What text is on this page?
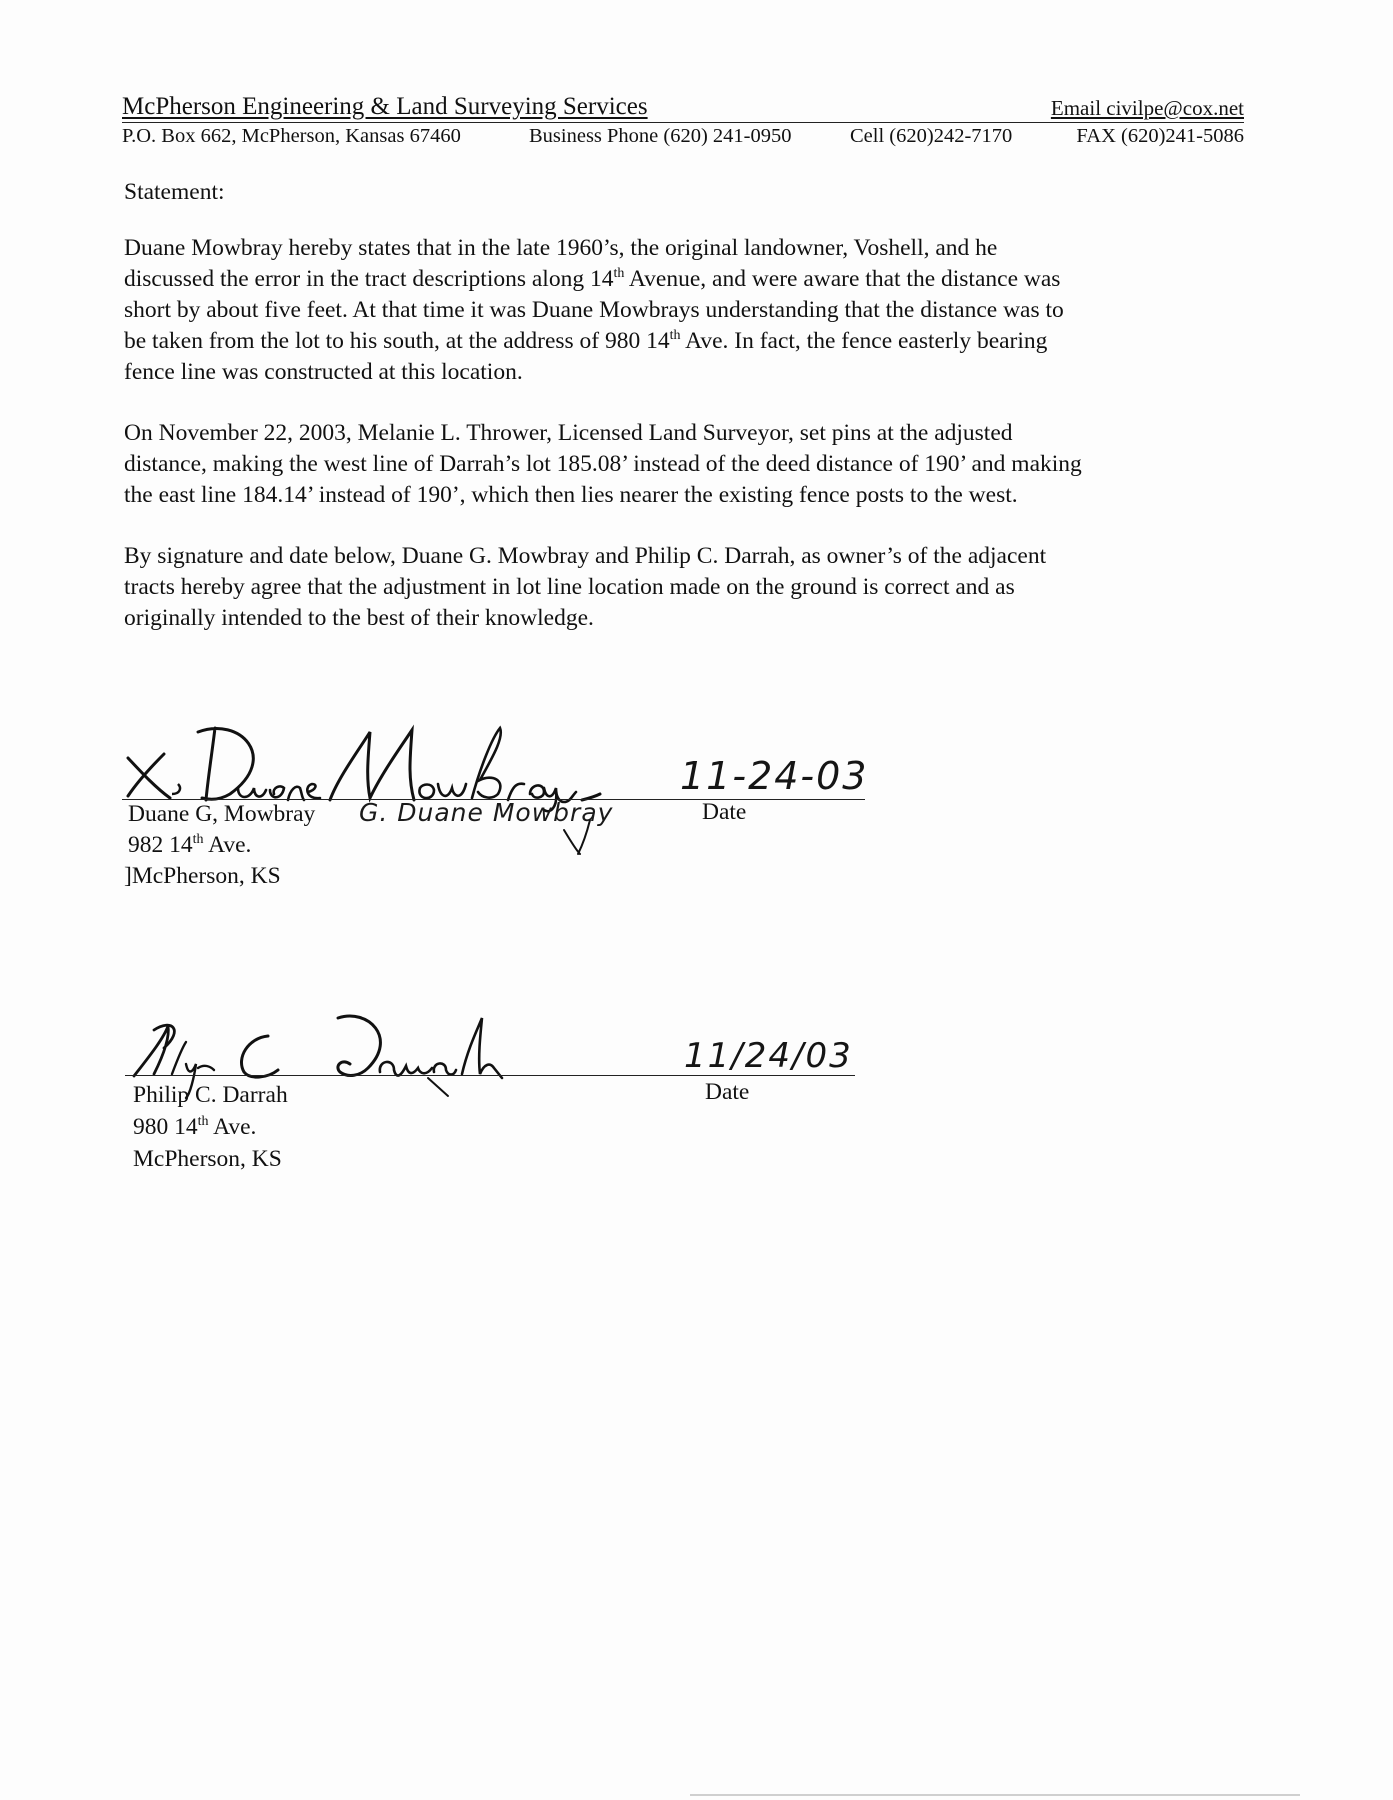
McPherson Engineering & Land Surveying Services	Email civilpe@cox.net
P.O. Box 662, McPherson, Kansas 67460	Business Phone (620) 241-0950	Cell (620)242-7170	FAX (620)241-5086
Statement:

Duane Mowbray hereby states that in the late 1960’s, the original landowner, Voshell, and he

discussed the error in the tract descriptions along 14th Avenue, and were aware that the distance was

short by about five feet. At that time it was Duane Mowbrays understanding that the distance was to

be taken from the lot to his south, at the address of 980 14th Ave. In fact, the fence easterly bearing

fence line was constructed at this location.

On November 22, 2003, Melanie L. Thrower, Licensed Land Surveyor, set pins at the adjusted

distance, making the west line of Darrah’s lot 185.08’ instead of the deed distance of 190’ and making

the east line 184.14’ instead of 190’, which then lies nearer the existing fence posts to the west.

By signature and date below, Duane G. Mowbray and Philip C. Darrah, as owner’s of the adjacent

tracts hereby agree that the adjustment in lot line location made on the ground is correct and as

originally intended to the best of their knowledge.

11-24-03
Duane G, Mowbray G. Duane Mowbray
982 14th Ave.
]McPherson, KS
Date
11/24/03
Philip C. Darrah
980 14th Ave.
McPherson, KS
Date
